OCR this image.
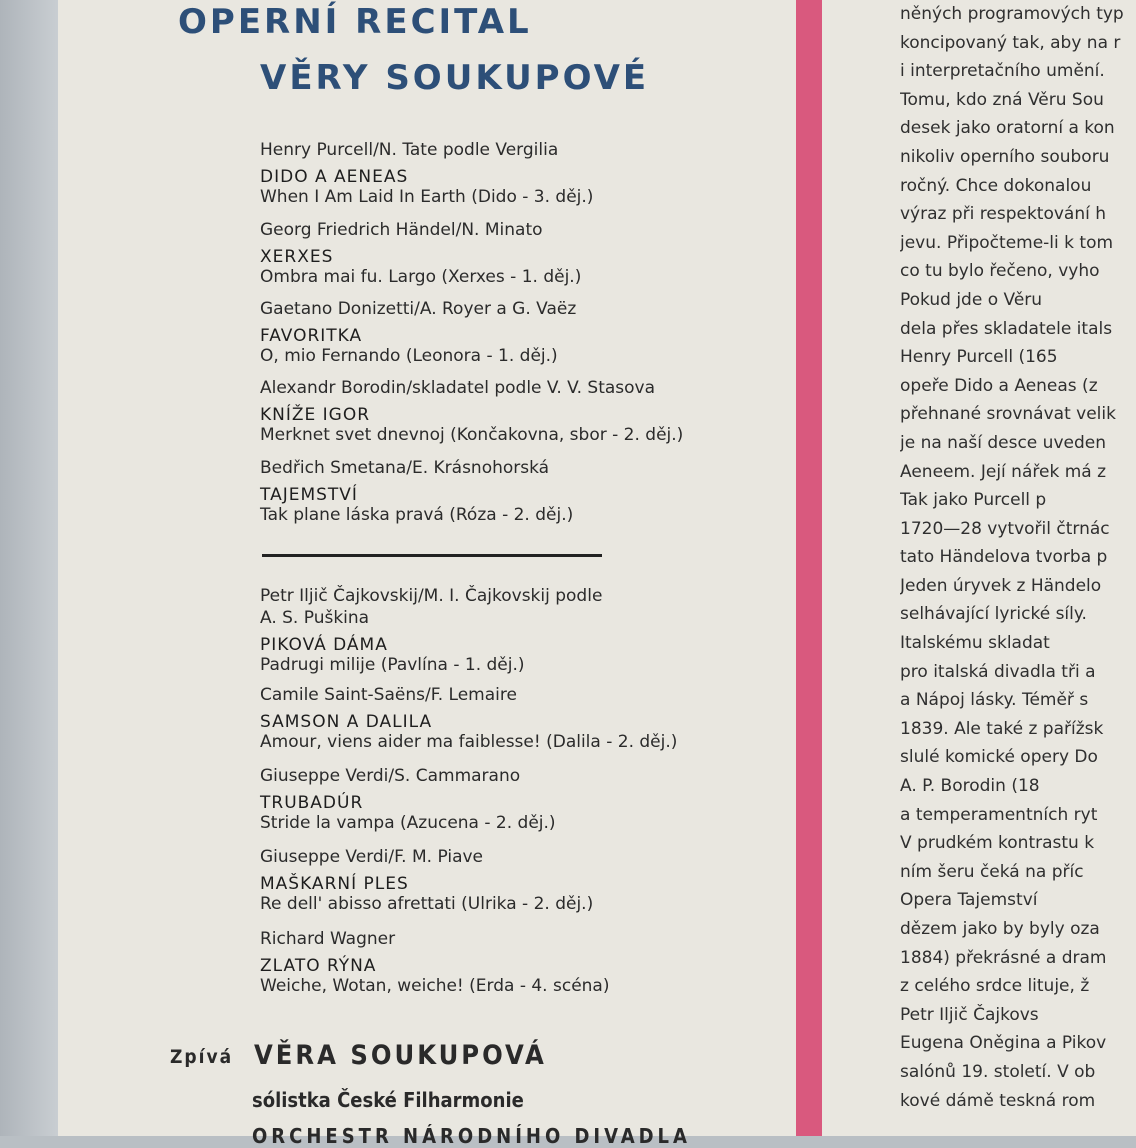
OPERNÍ RECITAL
VĚRY SOUKUPOVÉ
Henry Purcell/N. Tate podle Vergilia
DIDO A AENEAS
When I Am Laid In Earth (Dido - 3. děj.)
Georg Friedrich Händel/N. Minato
XERXES
Ombra mai fu. Largo (Xerxes - 1. děj.)
Gaetano Donizetti/A. Royer a G. Vaëz
FAVORITKA
O, mio Fernando (Leonora - 1. děj.)
Alexandr Borodin/skladatel podle V. V. Stasova
KNÍŽE IGOR
Merknet svet dnevnoj (Končakovna, sbor - 2. děj.)
Bedřich Smetana/E. Krásnohorská
TAJEMSTVÍ
Tak plane láska pravá (Róza - 2. děj.)
Petr Iljič Čajkovskij/M. I. Čajkovskij podle
A. S. Puškina
PIKOVÁ DÁMA
Padrugi milije (Pavlína - 1. děj.)
Camile Saint-Saëns/F. Lemaire
SAMSON A DALILA
Amour, viens aider ma faiblesse! (Dalila - 2. děj.)
Giuseppe Verdi/S. Cammarano
TRUBADÚR
Stride la vampa (Azucena - 2. děj.)
Giuseppe Verdi/F. M. Piave
MAŠKARNÍ PLES
Re dell' abisso afrettati (Ulrika - 2. děj.)
Richard Wagner
ZLATO RÝNA
Weiche, Wotan, weiche! (Erda - 4. scéna)
Zpívá VĚRA SOUKUPOVÁ
sólistka České Filharmonie
ORCHESTR NÁRODNÍHO DIVADLA
něných programových typ
koncipovaný tak, aby na r
i interpretačního umění.
Tomu, kdo zná Věru Sou
desek jako oratorní a kon
nikoliv operního souboru
ročný. Chce dokonalou
výraz při respektování h
jevu. Připočteme-li k tom
co tu bylo řečeno, vyho
Pokud jde o Věru
dela přes skladatele itals
Henry Purcell (165
opeře Dido a Aeneas (z
přehnané srovnávat velik
je na naší desce uveden
Aeneem. Její nářek má z
Tak jako Purcell p
1720—28 vytvořil čtrnác
tato Händelova tvorba p
Jeden úryvek z Händelo
selhávající lyrické síly.
Italskému skladat
pro italská divadla tři a
a Nápoj lásky. Téměř s
1839. Ale také z pařížsk
slulé komické opery Do
A. P. Borodin (18
a temperamentních ryt
V prudkém kontrastu k
ním šeru čeká na příc
Opera Tajemství
dězem jako by byly oza
1884) překrásné a dram
z celého srdce lituje, ž
Petr Iljič Čajkovs
Eugena Oněgina a Pikov
salónů 19. století. V ob
kové dámě teskná rom
